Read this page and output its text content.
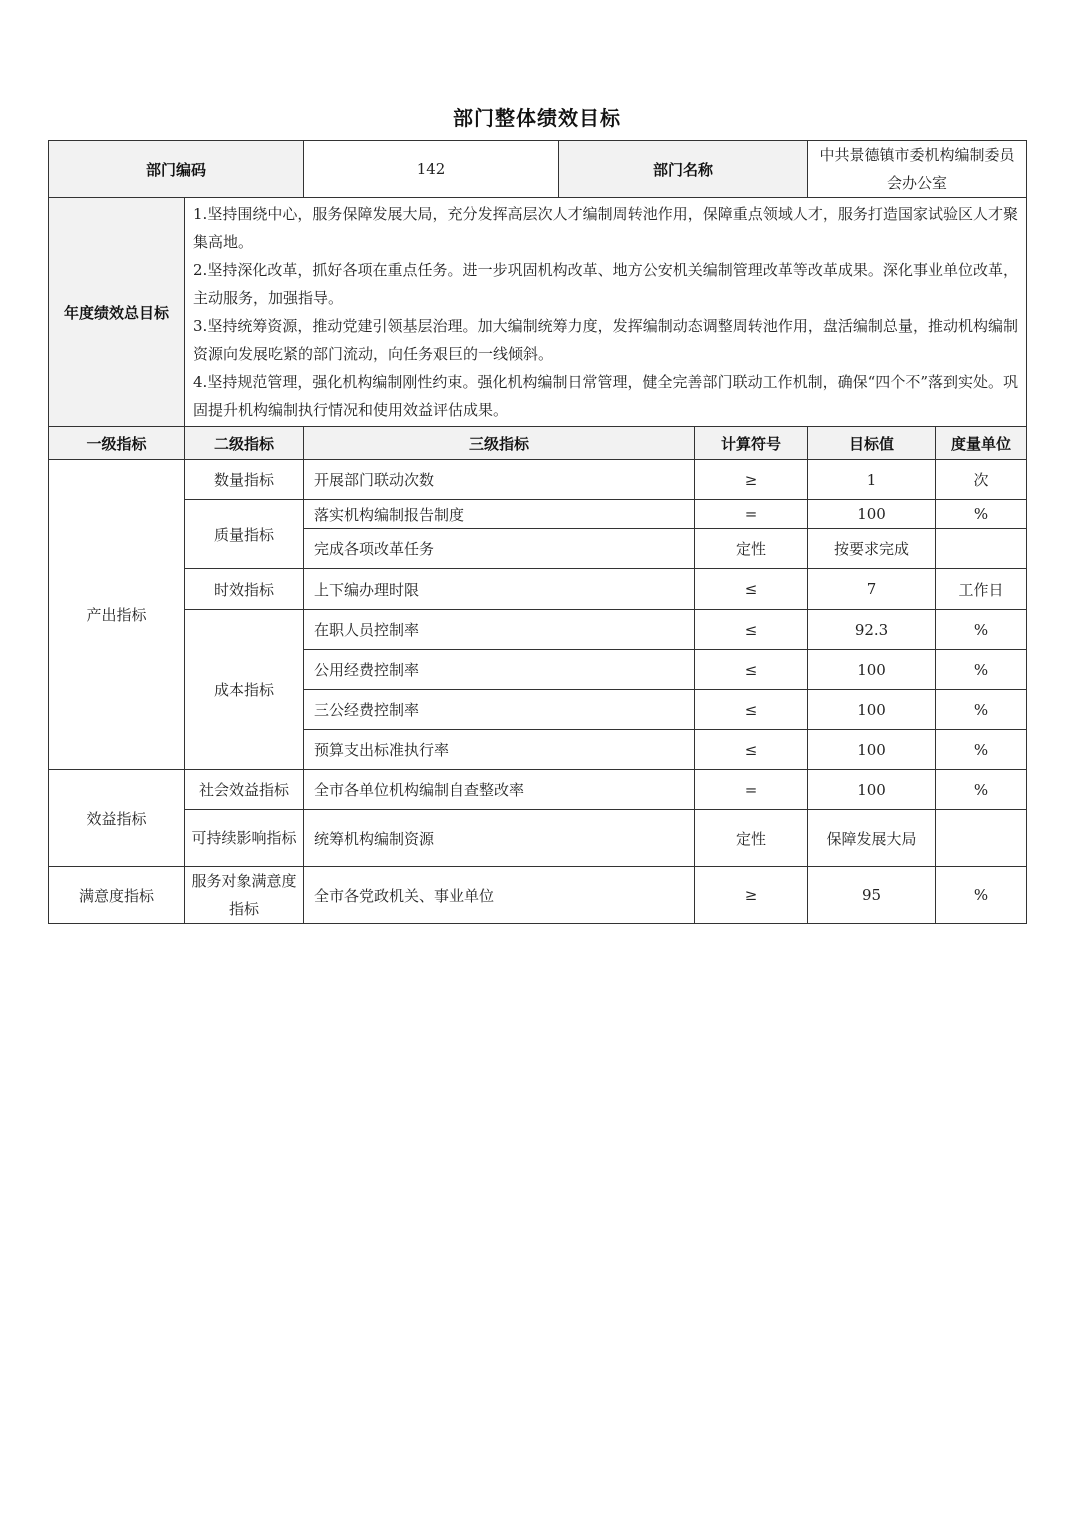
部门整体绩效目标
部门编码		142	部门名称		中共景德镇市委机构编制委员会办公室	
年度绩效总目标	1.坚持围绕中心，服务保障发展大局，充分发挥高层次人才编制周转池作用，保障重点领域人才，服务打造国家试验区人才聚集高地。

2.坚持深化改革，抓好各项在重点任务。进一步巩固机构改革、地方公安机关编制管理改革等改革成果。深化事业单位改革，主动服务，加强指导。

3.坚持统筹资源，推动党建引领基层治理。加大编制统筹力度，发挥编制动态调整周转池作用，盘活编制总量，推动机构编制资源向发展吃紧的部门流动，向任务艰巨的一线倾斜。

4.坚持规范管理，强化机构编制刚性约束。强化机构编制日常管理，健全完善部门联动工作机制，确保“四个不”落到实处。巩固提升机构编制执行情况和使用效益评估成果。					

一级指标	二级指标	三级指标		计算符号	目标值	度量单位
产出指标	数量指标	开展部门联动次数		≥	1	次
	质量指标	落实机构编制报告制度		=	100	%
		完成各项改革任务		定性	按要求完成	
	时效指标	上下编办理时限		≤	7	工作日
	成本指标	在职人员控制率		≤	92.3	%
		公用经费控制率		≤	100	%
		三公经费控制率		≤	100	%
		预算支出标准执行率		≤	100	%
效益指标	社会效益指标	全市各单位机构编制自查整改率		=	100	%
	可持续影响指标	统筹机构编制资源		定性	保障发展大局	
满意度指标	服务对象满意度指标	全市各党政机关、事业单位		≥	95	%
